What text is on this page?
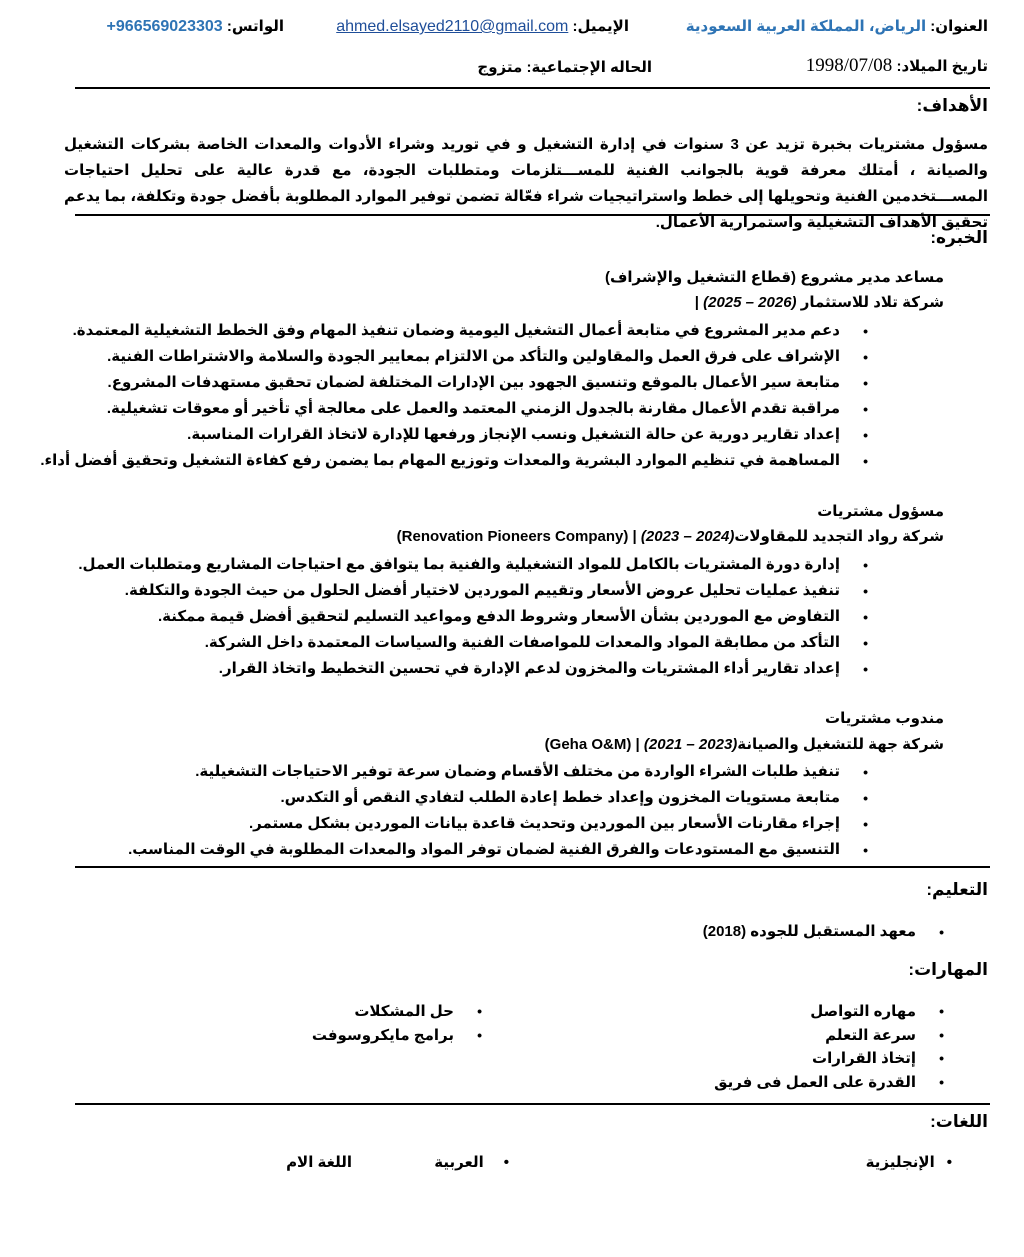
العنوان: الرياض، المملكة العربية السعودية
الإيميل: ahmed.elsayed2110@gmail.com
الواتس: +966569023303
تاريخ الميلاد: 1998/07/08
الحاله الإجتماعية: متزوج
الأهداف:
مسؤول مشتريات بخبرة تزيد عن 3 سنوات في إدارة التشغيل و في توريد وشراء الأدوات والمعدات الخاصة بشركات التشغيل والصيانة ، أمتلك معرفة قوية بالجوانب الفنية للمســـتلزمات ومتطلبات الجودة، مع قدرة عالية على تحليل احتياجات المســـتخدمين الفنية وتحويلها إلى خطط واستراتيجيات شراء فعّالة تضمن توفير الموارد المطلوبة بأفضل جودة وتكلفة، بما يدعم تحقيق الأهداف التشغيلية واستمرارية الأعمال.
الخبره:
مساعد مدير مشروع (قطاع التشغيل والإشراف)
شركة تلاد للاستثمار (2025 – 2026) |
•
دعم مدير المشروع في متابعة أعمال التشغيل اليومية وضمان تنفيذ المهام وفق الخطط التشغيلية المعتمدة.
•
الإشراف على فرق العمل والمقاولين والتأكد من الالتزام بمعايير الجودة والسلامة والاشتراطات الفنية.
•
متابعة سير الأعمال بالموقع وتنسيق الجهود بين الإدارات المختلفة لضمان تحقيق مستهدفات المشروع.
•
مراقبة تقدم الأعمال مقارنة بالجدول الزمني المعتمد والعمل على معالجة أي تأخير أو معوقات تشغيلية.
•
إعداد تقارير دورية عن حالة التشغيل ونسب الإنجاز ورفعها للإدارة لاتخاذ القرارات المناسبة.
•
المساهمة في تنظيم الموارد البشرية والمعدات وتوزيع المهام بما يضمن رفع كفاءة التشغيل وتحقيق أفضل أداء.
مسؤول مشتريات
شركة رواد التجديد للمقاولات(2023 – 2024) | (Renovation Pioneers Company)
•
إدارة دورة المشتريات بالكامل للمواد التشغيلية والفنية بما يتوافق مع احتياجات المشاريع ومتطلبات العمل.
•
تنفيذ عمليات تحليل عروض الأسعار وتقييم الموردين لاختيار أفضل الحلول من حيث الجودة والتكلفة.
•
التفاوض مع الموردين بشأن الأسعار وشروط الدفع ومواعيد التسليم لتحقيق أفضل قيمة ممكنة.
•
التأكد من مطابقة المواد والمعدات للمواصفات الفنية والسياسات المعتمدة داخل الشركة.
•
إعداد تقارير أداء المشتريات والمخزون لدعم الإدارة في تحسين التخطيط واتخاذ القرار.
مندوب مشتريات
شركة جهة للتشغيل والصيانة(2021 – 2023) | (Geha O&M)
•
تنفيذ طلبات الشراء الواردة من مختلف الأقسام وضمان سرعة توفير الاحتياجات التشغيلية.
•
متابعة مستويات المخزون وإعداد خطط إعادة الطلب لتفادي النقص أو التكدس.
•
إجراء مقارنات الأسعار بين الموردين وتحديث قاعدة بيانات الموردين بشكل مستمر.
•
التنسيق مع المستودعات والفرق الفنية لضمان توفر المواد والمعدات المطلوبة في الوقت المناسب.
التعليم:
•
معهد المستقبل للجوده (2018)
المهارات:
•
مهاره التواصل
•
سرعة التعلم
•
إتخاذ القرارات
•
القدرة على العمل فى فريق
•
حل المشكلات
•
برامج مايكروسوفت
اللغات:
•الإنجليزية
•العربية
اللغة الام
